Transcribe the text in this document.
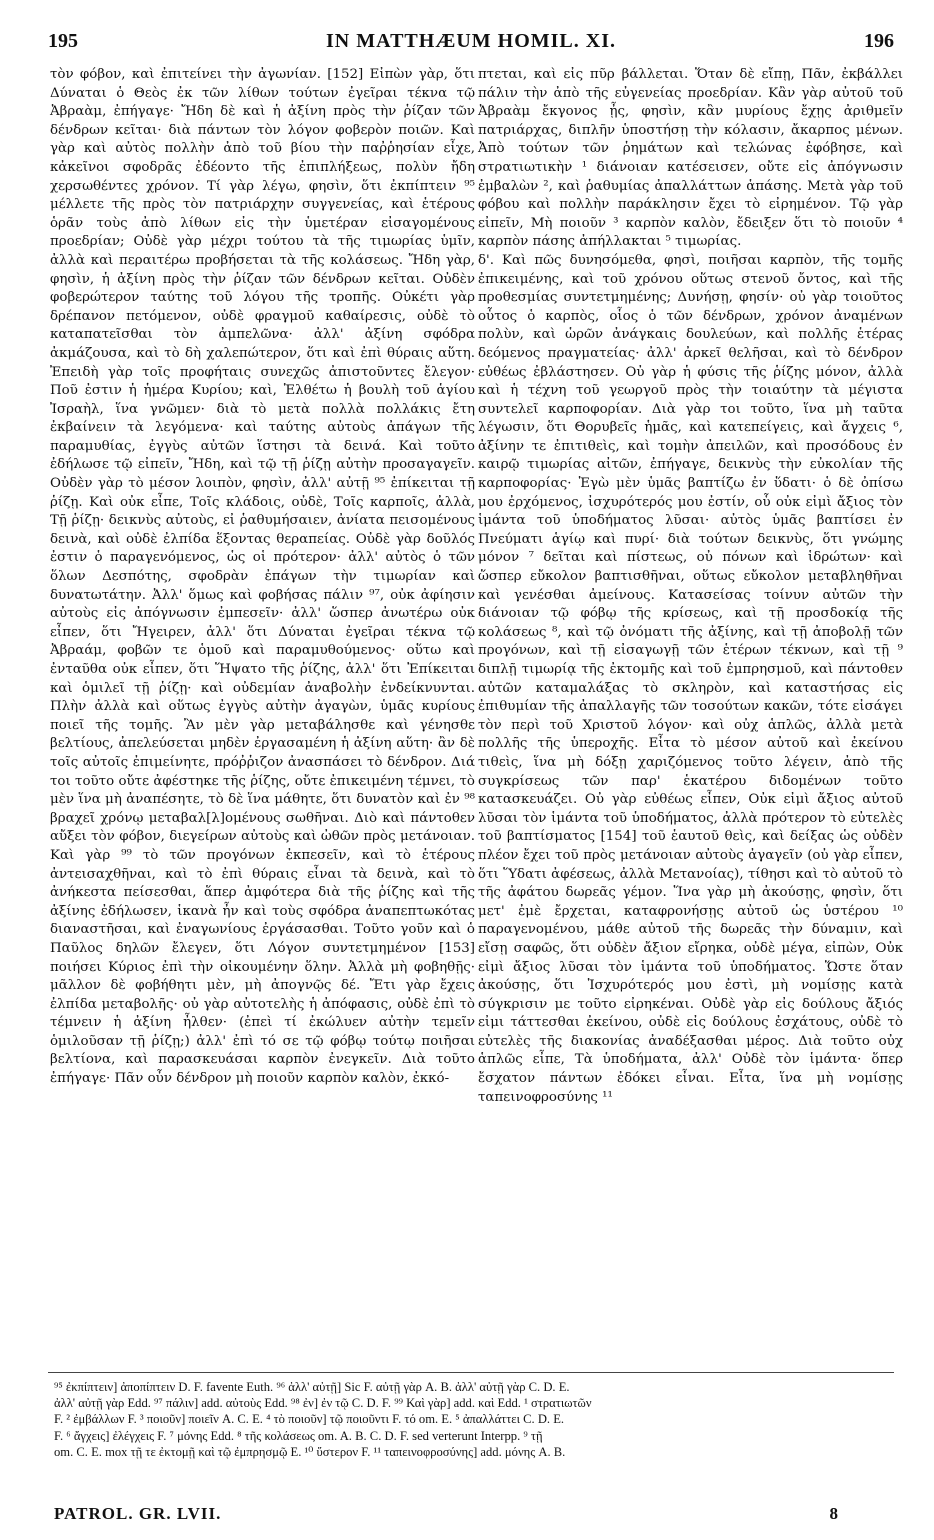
195	IN MATTHÆUM HOMIL. XI.	196

τὸν φόβον, καὶ ἐπιτείνει τὴν ἀγωνίαν. [152] Εἰπὼν γὰρ, ὅτι Δύναται ὁ Θεὸς ἐκ τῶν λίθων τούτων ἐγεῖραι τέκνα τῷ Ἀβραὰμ, ἐπήγαγε· Ἤδη δὲ καὶ ἡ ἀξίνη πρὸς τὴν ῥίζαν τῶν δένδρων κεῖται· διὰ πάντων τὸν λόγον φοβερὸν ποιῶν. Καὶ γὰρ καὶ αὐτὸς πολλὴν ἀπὸ τοῦ βίου τὴν παῤῥησίαν εἶχε, κἀκεῖνοι σφοδρᾶς ἐδέοντο τῆς ἐπιπλήξεως, πολὺν ἤδη χερσωθέντες χρόνον. Τί γὰρ λέγω, φησὶν, ὅτι ἐκπίπτειν ⁹⁵ μέλλετε τῆς πρὸς τὸν πατριάρχην συγγενείας, καὶ ἑτέρους ὁρᾶν τοὺς ἀπὸ λίθων εἰς τὴν ὑμετέραν εἰσαγομένους προεδρίαν; Οὐδὲ γὰρ μέχρι τούτου τὰ τῆς τιμωρίας ὑμῖν, ἀλλὰ καὶ περαιτέρω προβήσεται τὰ τῆς κολάσεως. Ἤδη γὰρ, φησὶν, ἡ ἀξίνη πρὸς τὴν ῥίζαν τῶν δένδρων κεῖται. Οὐδὲν φοβερώτερον ταύτης τοῦ λόγου τῆς τροπῆς. Οὐκέτι γὰρ δρέπανον πετόμενον, οὐδὲ φραγμοῦ καθαίρεσις, οὐδὲ τὸ καταπατεῖσθαι τὸν ἀμπελῶνα· ἀλλ' ἀξίνη σφόδρα ἀκμάζουσα, καὶ τὸ δὴ χαλεπώτερον, ὅτι καὶ ἐπὶ θύραις αὕτη. Ἐπειδὴ γὰρ τοῖς προφήταις συνεχῶς ἀπιστοῦντες ἔλεγον· Ποῦ ἐστιν ἡ ἡμέρα Κυρίου; καὶ, Ἐλθέτω ἡ βουλὴ τοῦ ἁγίου Ἰσραὴλ, ἵνα γνῶμεν· διὰ τὸ μετὰ πολλὰ πολλάκις ἔτη ἐκβαίνειν τὰ λεγόμενα· καὶ ταύτης αὐτοὺς ἀπάγων τῆς παραμυθίας, ἐγγὺς αὐτῶν ἵστησι τὰ δεινά. Καὶ τοῦτο ἐδήλωσε τῷ εἰπεῖν, Ἤδη, καὶ τῷ τῇ ῥίζῃ αὐτὴν προσαγαγεῖν. Οὐδὲν γὰρ τὸ μέσον λοιπὸν, φησὶν, ἀλλ' αὐτῇ ⁹⁵ ἐπίκειται τῇ ῥίζῃ. Καὶ οὐκ εἶπε, Τοῖς κλάδοις, οὐδὲ, Τοῖς καρποῖς, ἀλλὰ, Τῇ ῥίζῃ· δεικνὺς αὐτοὺς, εἰ ῥαθυμήσαιεν, ἀνίατα πεισομένους δεινὰ, καὶ οὐδὲ ἐλπίδα ἕξοντας θεραπείας. Οὐδὲ γὰρ δοῦλός ἐστιν ὁ παραγενόμενος, ὡς οἱ πρότερον· ἀλλ' αὐτὸς ὁ τῶν ὅλων Δεσπότης, σφοδρὰν ἐπάγων τὴν τιμωρίαν καὶ δυνατωτάτην. Ἀλλ' ὅμως καὶ φοβήσας πάλιν ⁹⁷, οὐκ ἀφίησιν αὐτοὺς εἰς ἀπόγνωσιν ἐμπεσεῖν· ἀλλ' ὥσπερ ἀνωτέρω οὐκ εἶπεν, ὅτι Ἤγειρεν, ἀλλ' ὅτι Δύναται ἐγεῖραι τέκνα τῷ Ἀβραάμ, φοβῶν τε ὁμοῦ καὶ παραμυθούμενος· οὕτω καὶ ἐνταῦθα οὐκ εἶπεν, ὅτι Ἥψατο τῆς ῥίζης, ἀλλ' ὅτι Ἐπίκειται καὶ ὁμιλεῖ τῇ ῥίζῃ· καὶ οὐδεμίαν ἀναβολὴν ἐνδείκνυνται. Πλὴν ἀλλὰ καὶ οὕτως ἐγγὺς αὐτὴν ἀγαγὼν, ὑμᾶς κυρίους ποιεῖ τῆς τομῆς. Ἂν μὲν γὰρ μεταβάλησθε καὶ γένησθε βελτίους, ἀπελεύσεται μηδὲν ἐργασαμένη ἡ ἀξίνη αὕτη· ἂν δὲ τοῖς αὐτοῖς ἐπιμείνητε, πρόῤῥιζον ἀνασπάσει τὸ δένδρον. Διά τοι τοῦτο οὔτε ἀφέστηκε τῆς ῥίζης, οὔτε ἐπικειμένη τέμνει, τὸ μὲν ἵνα μὴ ἀναπέσητε, τὸ δὲ ἵνα μάθητε, ὅτι δυνατὸν καὶ ἐν ⁹⁸ βραχεῖ χρόνῳ μεταβαλ[λ]ομένους σωθῆναι. Διὸ καὶ πάντοθεν αὔξει τὸν φόβον, διεγείρων αὐτοὺς καὶ ὠθῶν πρὸς μετάνοιαν. Καὶ γὰρ ⁹⁹ τὸ τῶν προγόνων ἐκπεσεῖν, καὶ τὸ ἑτέρους ἀντεισαχθῆναι, καὶ τὸ ἐπὶ θύραις εἶναι τὰ δεινὰ, καὶ τὸ ἀνήκεστα πείσεσθαι, ἅπερ ἀμφότερα διὰ τῆς ῥίζης καὶ τῆς ἀξίνης ἐδήλωσεν, ἱκανὰ ἦν καὶ τοὺς σφόδρα ἀναπεπτωκότας διαναστῆσαι, καὶ ἐναγωνίους ἐργάσασθαι. Τοῦτο γοῦν καὶ ὁ Παῦλος δηλῶν ἔλεγεν, ὅτι Λόγον συντετμημένον [153] ποιήσει Κύριος ἐπὶ τὴν οἰκουμένην ὅλην. Ἀλλὰ μὴ φοβηθῇς· μᾶλλον δὲ φοβήθητι μὲν, μὴ ἀπογνῷς δέ. Ἔτι γὰρ ἔχεις ἐλπίδα μεταβολῆς· οὐ γὰρ αὐτοτελὴς ἡ ἀπόφασις, οὐδὲ ἐπὶ τὸ τέμνειν ἡ ἀξίνη ἦλθεν· (ἐπεὶ τί ἐκώλυεν αὐτὴν τεμεῖν ὁμιλοῦσαν τῇ ῥίζῃ;) ἀλλ' ἐπὶ τό σε τῷ φόβῳ τούτῳ ποιῆσαι βελτίονα, καὶ παρασκευάσαι καρπὸν ἐνεγκεῖν. Διὰ τοῦτο ἐπήγαγε· Πᾶν οὖν δένδρον μὴ ποιοῦν καρπὸν καλὸν, ἐκκό-

πτεται, καὶ εἰς πῦρ βάλλεται. Ὅταν δὲ εἴπῃ, Πᾶν, ἐκβάλλει πάλιν τὴν ἀπὸ τῆς εὐγενείας προεδρίαν. Κἂν γὰρ αὐτοῦ τοῦ Ἀβραὰμ ἔκγονος ᾖς, φησὶν, κἂν μυρίους ἔχῃς ἀριθμεῖν πατριάρχας, διπλῆν ὑποστήσῃ τὴν κόλασιν, ἄκαρπος μένων. Ἀπὸ τούτων τῶν ῥημάτων καὶ τελώνας ἐφόβησε, καὶ στρατιωτικὴν ¹ διάνοιαν κατέσεισεν, οὔτε εἰς ἀπόγνωσιν ἐμβαλὼν ², καὶ ῥαθυμίας ἀπαλλάττων ἁπάσης. Μετὰ γὰρ τοῦ φόβου καὶ πολλὴν παράκλησιν ἔχει τὸ εἰρημένον. Τῷ γὰρ εἰπεῖν, Μὴ ποιοῦν ³ καρπὸν καλὸν, ἔδειξεν ὅτι τὸ ποιοῦν ⁴ καρπὸν πάσης ἀπήλλακται ⁵ τιμωρίας.
δ'. Καὶ πῶς δυνησόμεθα, φησὶ, ποιῆσαι καρπὸν, τῆς τομῆς ἐπικειμένης, καὶ τοῦ χρόνου οὕτως στενοῦ ὄντος, καὶ τῆς προθεσμίας συντετμημένης; Δυνήσῃ, φησίν· οὐ γὰρ τοιοῦτος οὗτος ὁ καρπὸς, οἷος ὁ τῶν δένδρων, χρόνον ἀναμένων πολὺν, καὶ ὡρῶν ἀνάγκαις δουλεύων, καὶ πολλῆς ἑτέρας δεόμενος πραγματείας· ἀλλ' ἀρκεῖ θελῆσαι, καὶ τὸ δένδρον εὐθέως ἐβλάστησεν. Οὐ γὰρ ἡ φύσις τῆς ῥίζης μόνον, ἀλλὰ καὶ ἡ τέχνη τοῦ γεωργοῦ πρὸς τὴν τοιαύτην τὰ μέγιστα συντελεῖ καρποφορίαν. Διὰ γὰρ τοι τοῦτο, ἵνα μὴ ταῦτα λέγωσιν, ὅτι Θορυβεῖς ἡμᾶς, καὶ κατεπείγεις, καὶ ἄγχεις ⁶, ἀξίνην τε ἐπιτιθεὶς, καὶ τομὴν ἀπειλῶν, καὶ προσόδους ἐν καιρῷ τιμωρίας αἰτῶν, ἐπήγαγε, δεικνὺς τὴν εὐκολίαν τῆς καρποφορίας· Ἐγὼ μὲν ὑμᾶς βαπτίζω ἐν ὕδατι· ὁ δὲ ὀπίσω μου ἐρχόμενος, ἰσχυρότερός μου ἐστίν, οὗ οὐκ εἰμὶ ἄξιος τὸν ἱμάντα τοῦ ὑποδήματος λῦσαι· αὐτὸς ὑμᾶς βαπτίσει ἐν Πνεύματι ἁγίῳ καὶ πυρί· διὰ τούτων δεικνὺς, ὅτι γνώμης μόνον ⁷ δεῖται καὶ πίστεως, οὐ πόνων καὶ ἱδρώτων· καὶ ὥσπερ εὔκολον βαπτισθῆναι, οὕτως εὔκολον μεταβληθῆναι καὶ γενέσθαι ἀμείνους. Κατασείσας τοίνυν αὐτῶν τὴν διάνοιαν τῷ φόβῳ τῆς κρίσεως, καὶ τῇ προσδοκίᾳ τῆς κολάσεως ⁸, καὶ τῷ ὀνόματι τῆς ἀξίνης, καὶ τῇ ἀποβολῇ τῶν προγόνων, καὶ τῇ εἰσαγωγῇ τῶν ἑτέρων τέκνων, καὶ τῇ ⁹ διπλῇ τιμωρίᾳ τῆς ἐκτομῆς καὶ τοῦ ἐμπρησμοῦ, καὶ πάντοθεν αὐτῶν καταμαλάξας τὸ σκληρὸν, καὶ καταστήσας εἰς ἐπιθυμίαν τῆς ἀπαλλαγῆς τῶν τοσούτων κακῶν, τότε εἰσάγει τὸν περὶ τοῦ Χριστοῦ λόγον· καὶ οὐχ ἁπλῶς, ἀλλὰ μετὰ πολλῆς τῆς ὑπεροχῆς. Εἶτα τὸ μέσον αὐτοῦ καὶ ἐκείνου τιθεὶς, ἵνα μὴ δόξῃ χαριζόμενος τοῦτο λέγειν, ἀπὸ τῆς συγκρίσεως τῶν παρ' ἑκατέρου διδομένων τοῦτο κατασκευάζει. Οὐ γὰρ εὐθέως εἶπεν, Οὐκ εἰμὶ ἄξιος αὐτοῦ λῦσαι τὸν ἱμάντα τοῦ ὑποδήματος, ἀλλὰ πρότερον τὸ εὐτελὲς τοῦ βαπτίσματος [154] τοῦ ἑαυτοῦ θεὶς, καὶ δείξας ὡς οὐδὲν πλέον ἔχει τοῦ πρὸς μετάνοιαν αὐτοὺς ἀγαγεῖν (οὐ γὰρ εἶπεν, ὅτι Ὕδατι ἀφέσεως, ἀλλὰ Μετανοίας), τίθησι καὶ τὸ αὐτοῦ τὸ τῆς ἀφάτου δωρεᾶς γέμον. Ἵνα γὰρ μὴ ἀκούσῃς, φησὶν, ὅτι μετ' ἐμὲ ἔρχεται, καταφρονήσῃς αὐτοῦ ὡς ὑστέρου ¹⁰ παραγενομένου, μάθε αὐτοῦ τῆς δωρεᾶς τὴν δύναμιν, καὶ εἴσῃ σαφῶς, ὅτι οὐδὲν ἄξιον εἴρηκα, οὐδὲ μέγα, εἰπὼν, Οὐκ εἰμὶ ἄξιος λῦσαι τὸν ἱμάντα τοῦ ὑποδήματος. Ὥστε ὅταν ἀκούσῃς, ὅτι Ἰσχυρότερός μου ἐστὶ, μὴ νομίσῃς κατὰ σύγκρισιν με τοῦτο εἰρηκέναι. Οὐδὲ γὰρ εἰς δούλους ἄξιός εἰμι τάττεσθαι ἐκείνου, οὐδὲ εἰς δούλους ἐσχάτους, οὐδὲ τὸ εὐτελὲς τῆς διακονίας ἀναδέξασθαι μέρος. Διὰ τοῦτο οὐχ ἁπλῶς εἶπε, Τὰ ὑποδήματα, ἀλλ' Οὐδὲ τὸν ἱμάντα· ὅπερ ἔσχατον πάντων ἐδόκει εἶναι. Εἶτα, ἵνα μὴ νομίσῃς ταπεινοφροσύνης ¹¹

⁹⁵ ἐκπίπτειν] ἀποπίπτειν D. F. favente Euth. ⁹⁶ ἀλλ' αὐτῇ] Sic F. αὐτῇ γὰρ A. B. ἀλλ' αὐτῇ γὰρ C. D. E.

ἀλλ' αὐτῇ γὰρ Edd. ⁹⁷ πάλιν] add. αὐτοὺς Edd. ⁹⁸ ἐν] ἐν τῷ C. D. F. ⁹⁹ Καὶ γὰρ] add. καὶ Edd. ¹ στρατιωτῶν

F. ² ἐμβάλλων F. ³ ποιοῦν] ποιεῖν A. C. E. ⁴ τὸ ποιοῦν] τῷ ποιοῦντι F. τό om. E. ⁵ ἀπαλλάττει C. D. E.

F. ⁶ ἄγχεις] ἐλέγχεις F. ⁷ μόνης Edd. ⁸ τῆς κολάσεως om. A. B. C. D. F. sed verterunt Interpp. ⁹ τῇ

om. C. E. mox τῇ τε ἐκτομῇ καὶ τῷ ἐμπρησμῷ E. ¹⁰ ὕστερον F. ¹¹ ταπεινοφροσύνης] add. μόνης A. B.

PATROL. GR. LVII.	8
